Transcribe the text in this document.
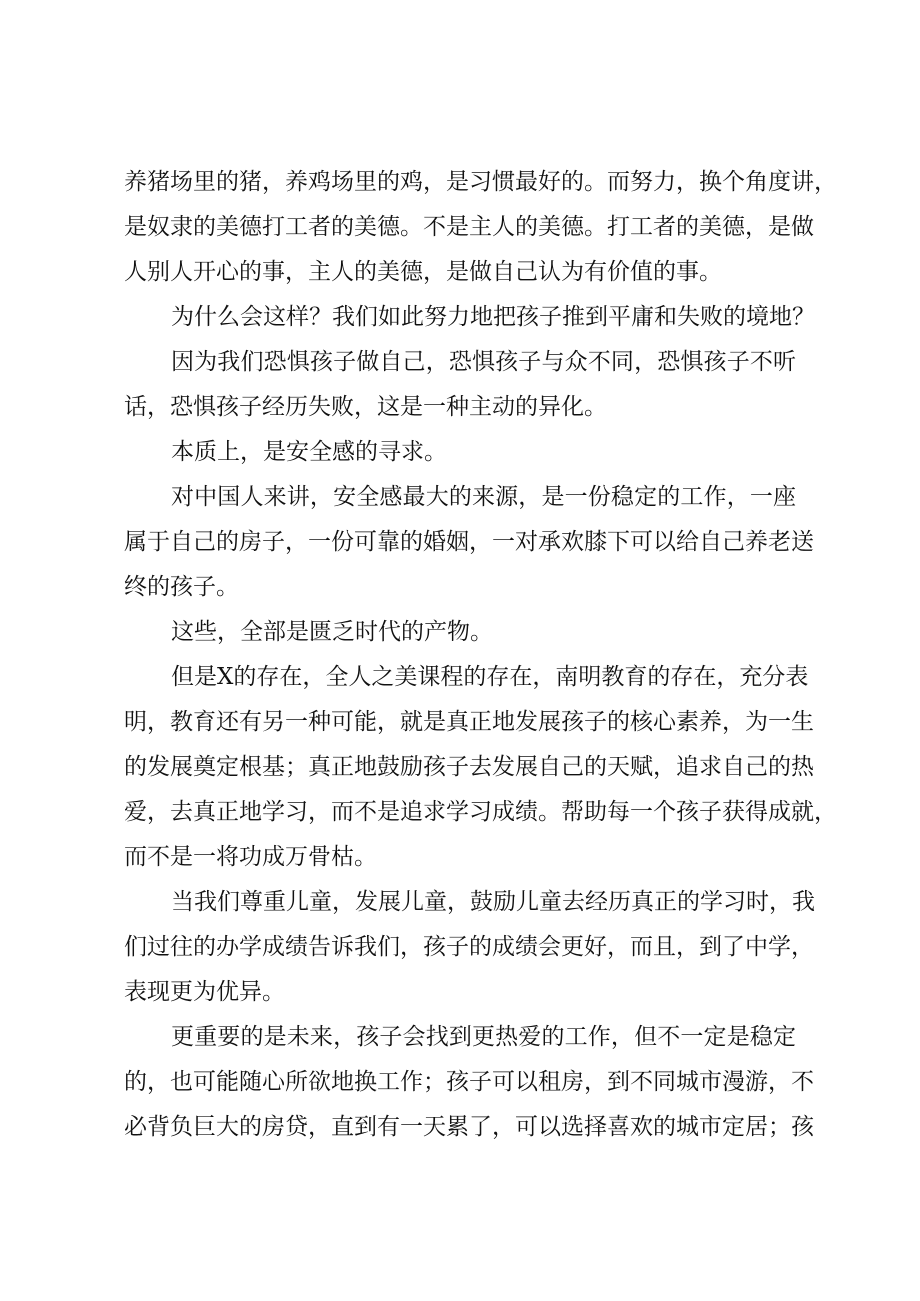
养猪场里的猪，养鸡场里的鸡，是习惯最好的。而努力，换个角度讲，
是奴隶的美德打工者的美德。不是主人的美德。打工者的美德，是做
人别人开心的事，主人的美德，是做自己认为有价值的事。
为什么会这样？我们如此努力地把孩子推到平庸和失败的境地？
因为我们恐惧孩子做自己，恐惧孩子与众不同，恐惧孩子不听
话，恐惧孩子经历失败，这是一种主动的异化。
本质上，是安全感的寻求。
对中国人来讲，安全感最大的来源，是一份稳定的工作，一座
属于自己的房子，一份可靠的婚姻，一对承欢膝下可以给自己养老送
终的孩子。
这些，全部是匮乏时代的产物。
但是X的存在，全人之美课程的存在，南明教育的存在，充分表
明，教育还有另一种可能，就是真正地发展孩子的核心素养，为一生
的发展奠定根基；真正地鼓励孩子去发展自己的天赋，追求自己的热
爱，去真正地学习，而不是追求学习成绩。帮助每一个孩子获得成就，
而不是一将功成万骨枯。
当我们尊重儿童，发展儿童，鼓励儿童去经历真正的学习时，我
们过往的办学成绩告诉我们，孩子的成绩会更好，而且，到了中学，
表现更为优异。
更重要的是未来，孩子会找到更热爱的工作，但不一定是稳定
的，也可能随心所欲地换工作；孩子可以租房，到不同城市漫游，不
必背负巨大的房贷，直到有一天累了，可以选择喜欢的城市定居；孩
